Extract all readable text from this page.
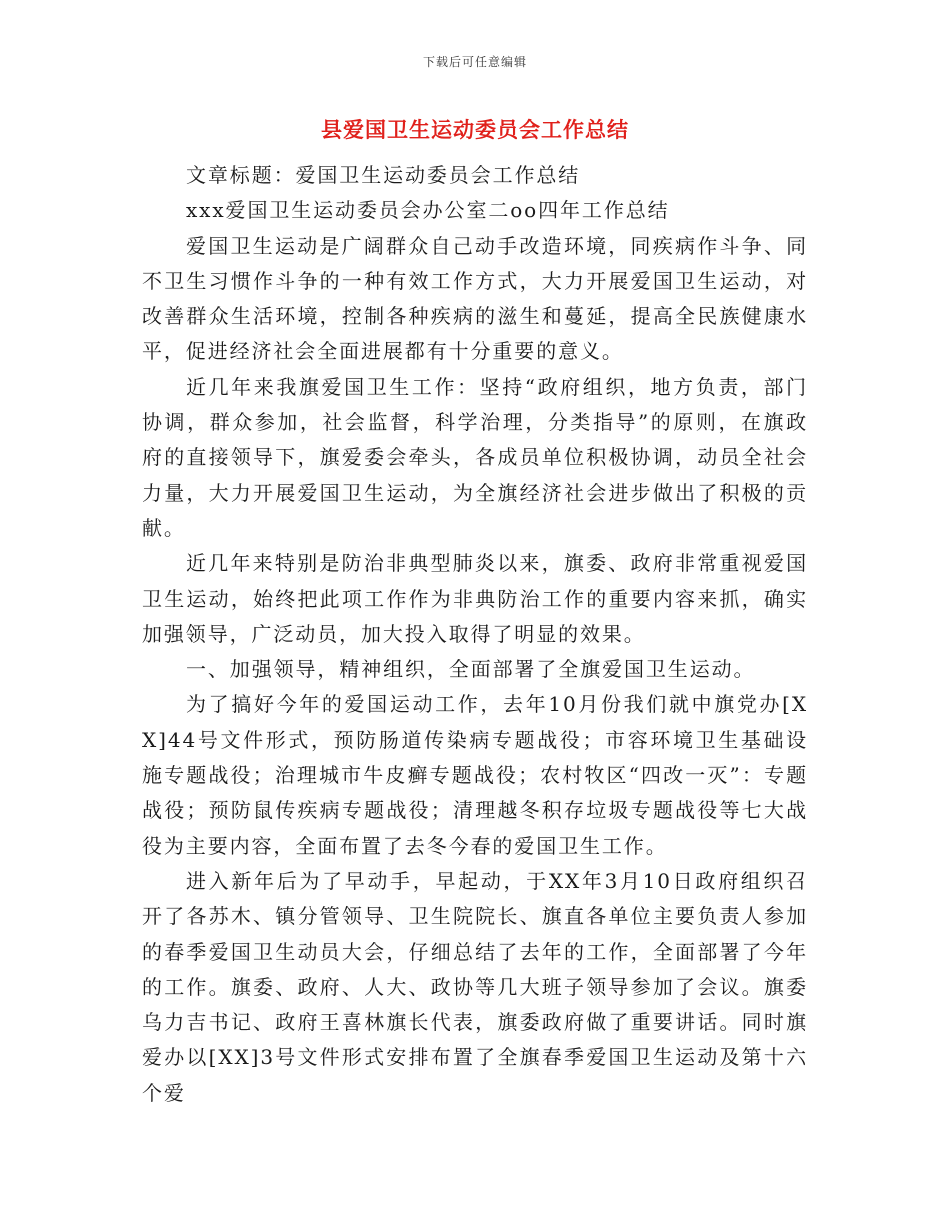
下载后可任意编辑
县爱国卫生运动委员会工作总结

文章标题：爱国卫生运动委员会工作总结

xxx爱国卫生运动委员会办公室二oo四年工作总结

爱国卫生运动是广阔群众自己动手改造环境，同疾病作斗争、同不卫生习惯作斗争的一种有效工作方式，大力开展爱国卫生运动，对改善群众生活环境，控制各种疾病的滋生和蔓延，提高全民族健康水平，促进经济社会全面进展都有十分重要的意义。

近几年来我旗爱国卫生工作：坚持“政府组织，地方负责，部门协调，群众参加，社会监督，科学治理，分类指导”的原则，在旗政府的直接领导下，旗爱委会牵头，各成员单位积极协调，动员全社会力量，大力开展爱国卫生运动，为全旗经济社会进步做出了积极的贡献。

近几年来特别是防治非典型肺炎以来，旗委、政府非常重视爱国卫生运动，始终把此项工作作为非典防治工作的重要内容来抓，确实加强领导，广泛动员，加大投入取得了明显的效果。

一、加强领导，精神组织，全面部署了全旗爱国卫生运动。

为了搞好今年的爱国运动工作，去年10月份我们就中旗党办[XX]44号文件形式，预防肠道传染病专题战役；市容环境卫生基础设施专题战役；治理城市牛皮癣专题战役；农村牧区“四改一灭”：专题战役；预防鼠传疾病专题战役；清理越冬积存垃圾专题战役等七大战役为主要内容，全面布置了去冬今春的爱国卫生工作。

进入新年后为了早动手，早起动，于XX年3月10日政府组织召开了各苏木、镇分管领导、卫生院院长、旗直各单位主要负责人参加的春季爱国卫生动员大会，仔细总结了去年的工作，全面部署了今年的工作。旗委、政府、人大、政协等几大班子领导参加了会议。旗委乌力吉书记、政府王喜林旗长代表，旗委政府做了重要讲话。同时旗爱办以[XX]3号文件形式安排布置了全旗春季爱国卫生运动及第十六个爱
